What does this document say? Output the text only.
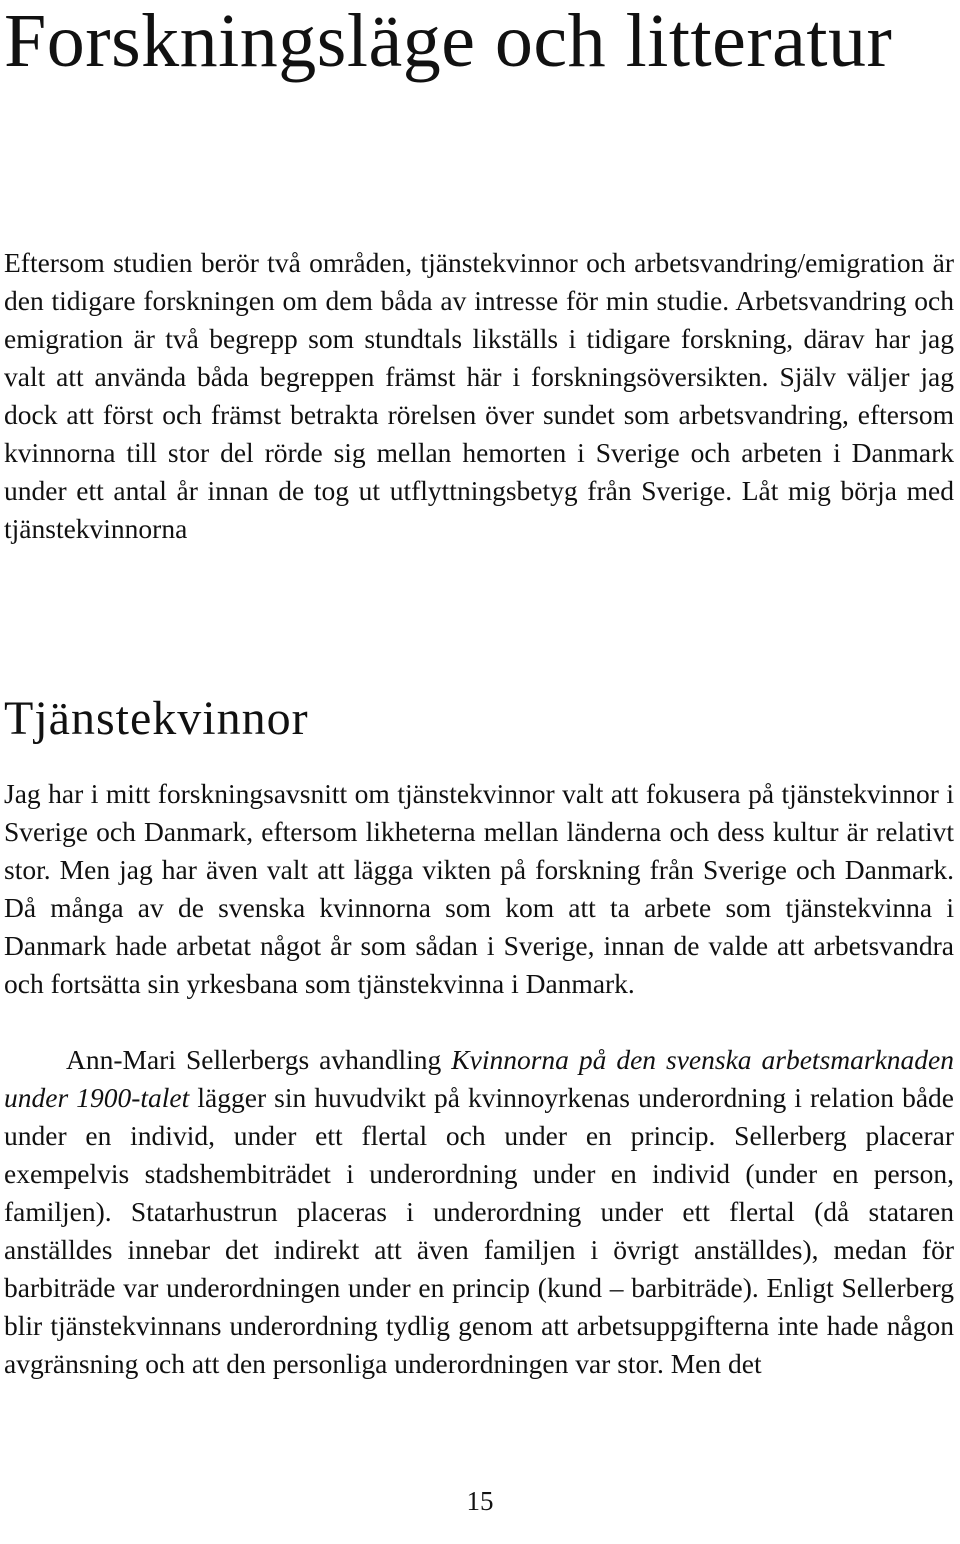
Forskningsläge och litteratur

Eftersom studien berör två områden, tjänstekvinnor och arbetsvandring/emigration är den tidigare forskningen om dem båda av intresse för min studie. Arbetsvandring och emigration är två begrepp som stundtals likställs i tidigare forskning, därav har jag valt att använda båda begreppen främst här i forskningsöversikten. Själv väljer jag dock att först och främst betrakta rörelsen över sundet som arbetsvandring, eftersom kvinnorna till stor del rörde sig mellan hemorten i Sverige och arbeten i Danmark under ett antal år innan de tog ut utflyttningsbetyg från Sverige. Låt mig börja med tjänstekvinnorna

Tjänstekvinnor

Jag har i mitt forskningsavsnitt om tjänstekvinnor valt att fokusera på tjänstekvinnor i Sverige och Danmark, eftersom likheterna mellan länderna och dess kultur är relativt stor. Men jag har även valt att lägga vikten på forskning från Sverige och Danmark. Då många av de svenska kvinnorna som kom att ta arbete som tjänstekvinna i Danmark hade arbetat något år som sådan i Sverige, innan de valde att arbetsvandra och fortsätta sin yrkesbana som tjänstekvinna i Danmark.

Ann-Mari Sellerbergs avhandling Kvinnorna på den svenska arbetsmarknaden under 1900-talet lägger sin huvudvikt på kvinnoyrkenas underordning i relation både under en individ, under ett flertal och under en princip. Sellerberg placerar exempelvis stadshembiträdet i underordning under en individ (under en person, familjen). Statarhustrun placeras i underordning under ett flertal (då stataren anställdes innebar det indirekt att även familjen i övrigt anställdes), medan för barbiträde var underordningen under en princip (kund – barbiträde). Enligt Sellerberg blir tjänstekvinnans underordning tydlig genom att arbetsuppgifterna inte hade någon avgränsning och att den personliga underordningen var stor. Men det

15
